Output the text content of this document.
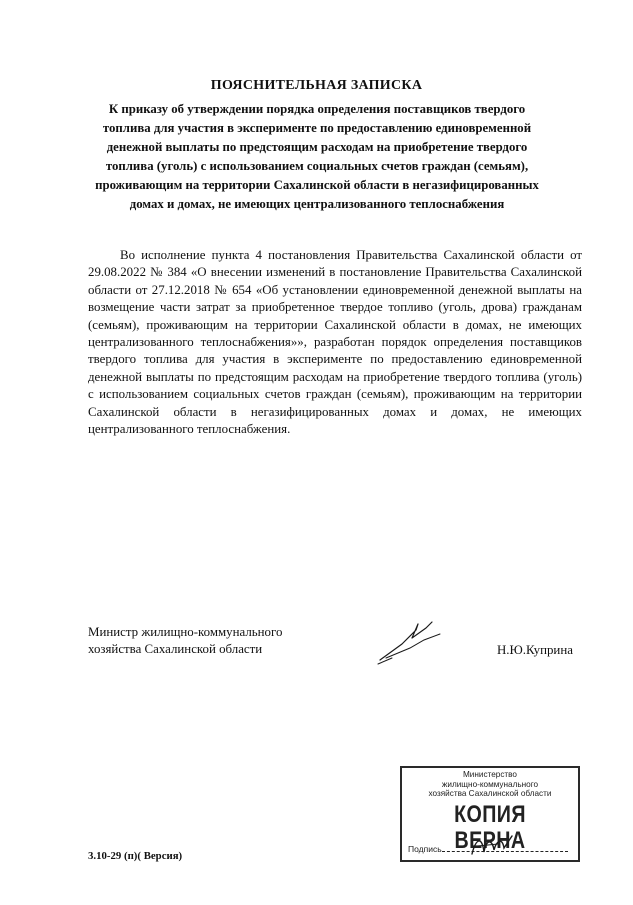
ПОЯСНИТЕЛЬНАЯ ЗАПИСКА

К приказу об утверждении порядка определения поставщиков твердого топлива для участия в эксперименте по предоставлению единовременной денежной выплаты по предстоящим расходам на приобретение твердого топлива (уголь) с использованием социальных счетов граждан (семьям), проживающим на территории Сахалинской области в негазифицированных домах и домах, не имеющих централизованного теплоснабжения

Во исполнение пункта 4 постановления Правительства Сахалинской области от 29.08.2022 № 384 «О внесении изменений в постановление Правительства Сахалинской области от 27.12.2018 № 654 «Об установлении единовременной денежной выплаты на возмещение части затрат за приобретенное твердое топливо (уголь, дрова) гражданам (семьям), проживающим на территории Сахалинской области в домах, не имеющих централизованного теплоснабжения»», разработан порядок определения поставщиков твердого топлива для участия в эксперименте по предоставлению единовременной денежной выплаты по предстоящим расходам на приобретение твердого топлива (уголь) с использованием социальных счетов граждан (семьям), проживающим на территории Сахалинской области в негазифицированных домах и домах, не имеющих централизованного теплоснабжения.

Министр жилищно-коммунального
хозяйства Сахалинской области	Н.Ю.Куприна
Министерство
жилищно-коммунального
хозяйства Сахалинской области
КОПИЯ ВЕРНА
Подпись
3.10-29 (п)( Версия)
